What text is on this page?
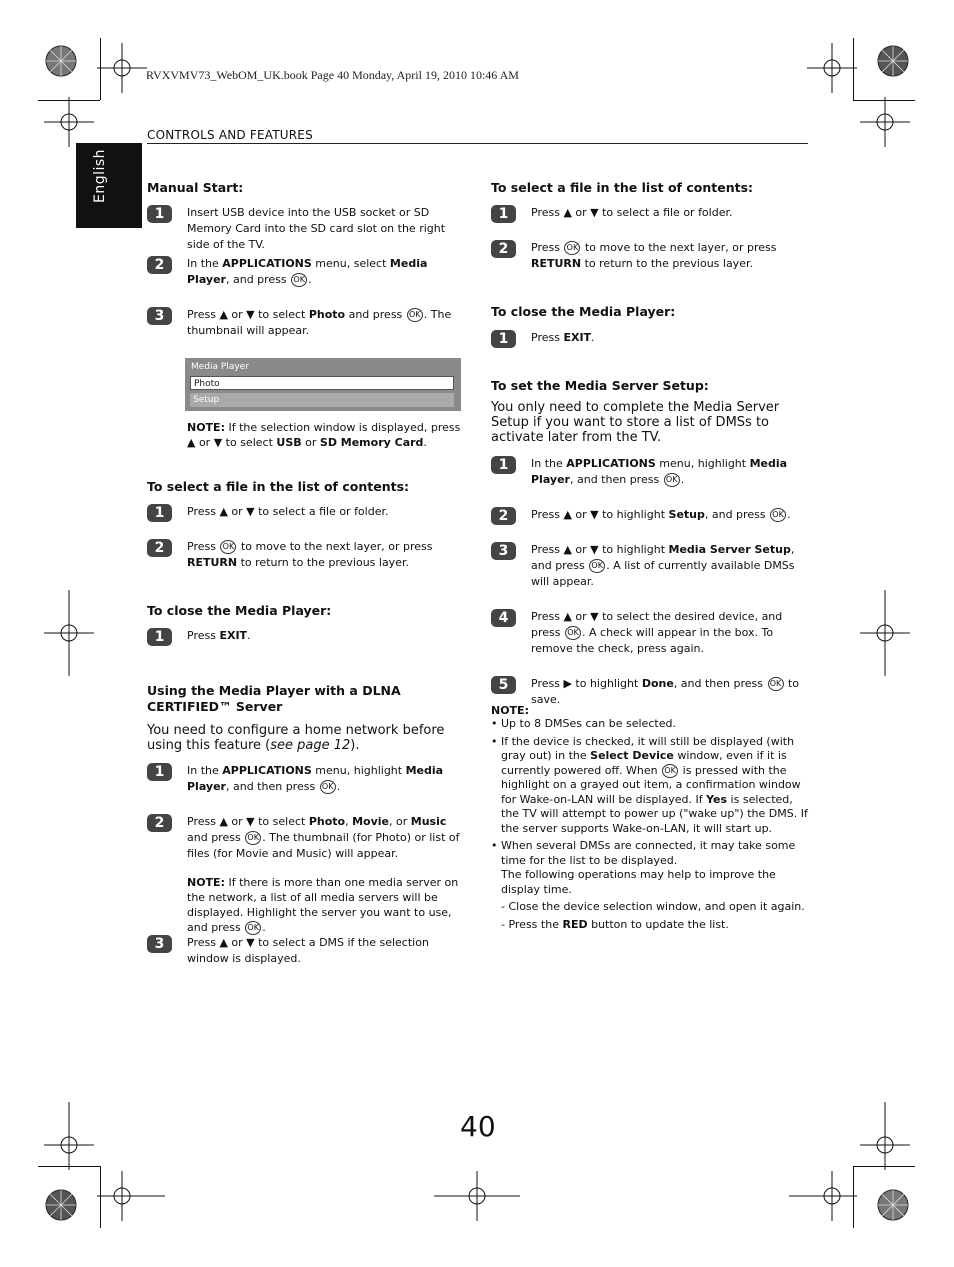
RVXVMV73_WebOM_UK.book Page 40 Monday, April 19, 2010 10:46 AM
CONTROLS AND FEATURES
English	Manual Start:
1	Insert USB device into the USB socket or SD Memory Card into the SD card slot on the right side of the TV.
2	In the APPLICATIONS menu, select Media Player, and press OK .
3	Press ▲ or ▼ to select Photo and press OK . The thumbnail will appear.
Media Player
Photo
Setup
NOTE: If the selection window is displayed, press ▲ or ▼ to select USB or SD Memory Card.
To select a file in the list of contents:
1	Press ▲ or ▼ to select a file or folder.
2	Press OK to move to the next layer, or press RETURN to return to the previous layer.
To close the Media Player:
1	Press EXIT.
Using the Media Player with a DLNA CERTIFIED™ Server
You need to configure a home network before using this feature (see page 12).
1	In the APPLICATIONS menu, highlight Media Player, and then press OK .
2	Press ▲ or ▼ to select Photo, Movie, or Music and press OK . The thumbnail (for Photo) or list of files (for Movie and Music) will appear.
NOTE: If there is more than one media server on the network, a list of all media servers will be displayed. Highlight the server you want to use, and press OK .
3	Press ▲ or ▼ to select a DMS if the selection window is displayed.
To select a file in the list of contents:
1	Press ▲ or ▼ to select a file or folder.
2	Press OK to move to the next layer, or press RETURN to return to the previous layer.
To close the Media Player:
1	Press EXIT.
To set the Media Server Setup:
You only need to complete the Media Server Setup if you want to store a list of DMSs to activate later from the TV.
1	In the APPLICATIONS menu, highlight Media Player, and then press OK .
2	Press ▲ or ▼ to highlight Setup, and press OK .
3	Press ▲ or ▼ to highlight Media Server Setup, and press OK . A list of currently available DMSs will appear.
4	Press ▲ or ▼ to select the desired device, and press OK . A check will appear in the box. To remove the check, press again.
5	Press ▶ to highlight Done, and then press OK to save.
NOTE:
• Up to 8 DMSes can be selected.
• If the device is checked, it will still be displayed (with gray out) in the Select Device window, even if it is currently powered off. When OK is pressed with the highlight on a grayed out item, a confirmation window for Wake-on-LAN will be displayed. If Yes is selected, the TV will attempt to power up ("wake up") the DMS. If the server supports Wake-on-LAN, it will start up.
• When several DMSs are connected, it may take some time for the list to be displayed.
The following operations may help to improve the display time.
- Close the device selection window, and open it again.
- Press the RED button to update the list.
40
